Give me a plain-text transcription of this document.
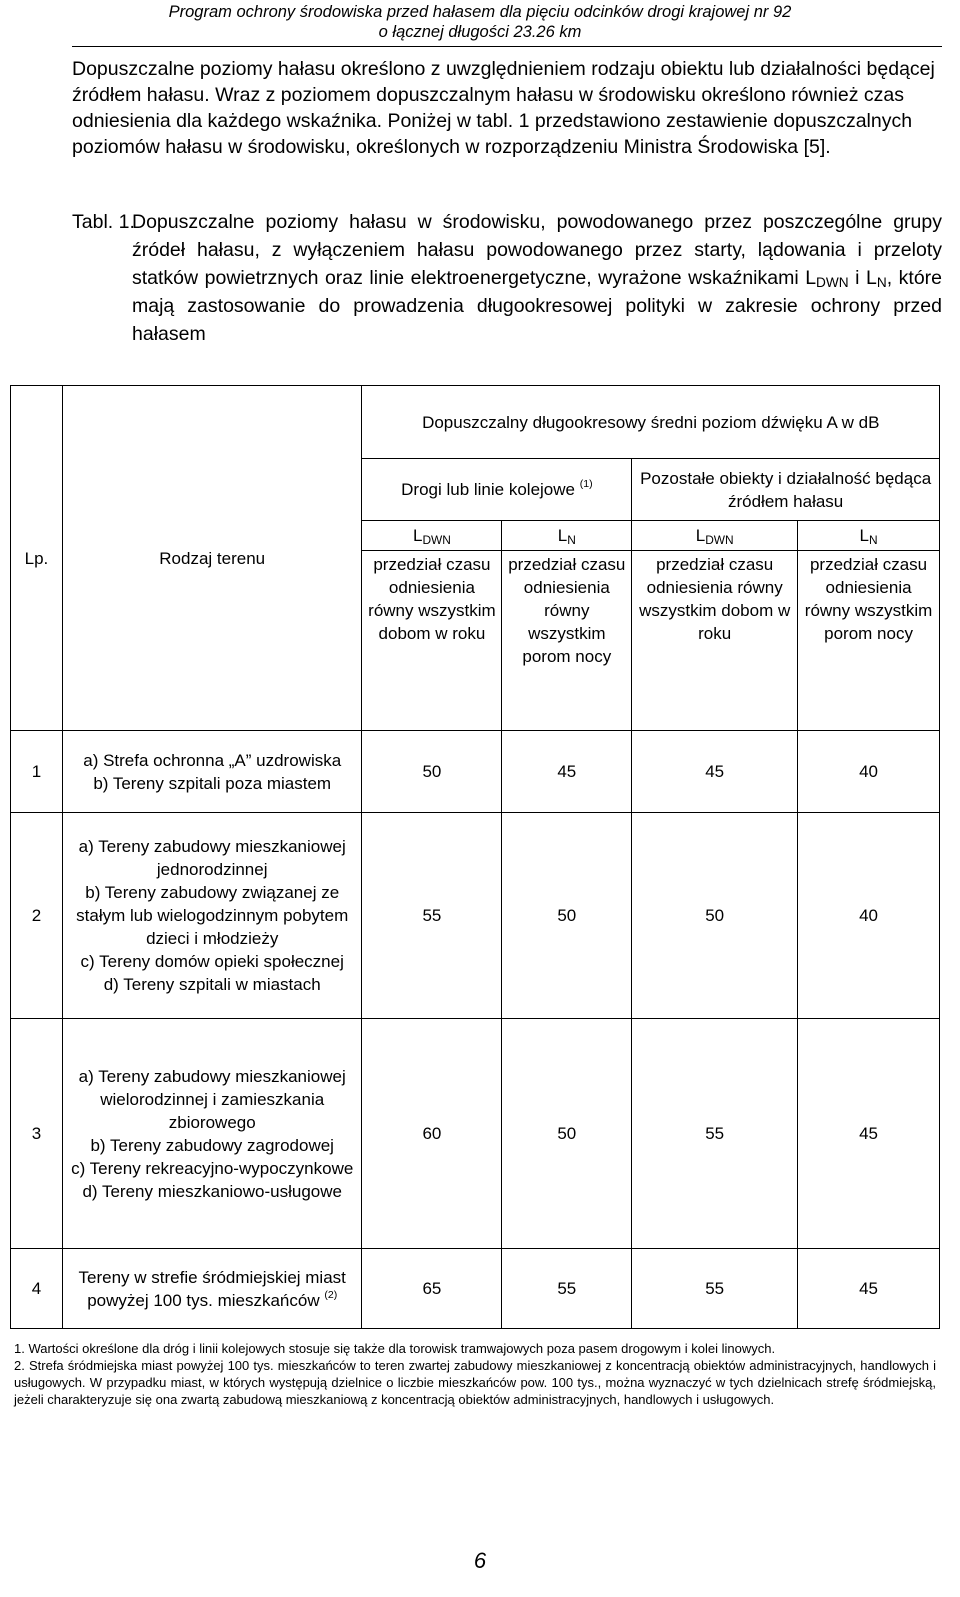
Program ochrony środowiska przed hałasem dla pięciu odcinków drogi krajowej nr 92
o łącznej długości 23.26 km

Dopuszczalne poziomy hałasu określono z uwzględnieniem rodzaju obiektu lub działalności będącej źródłem hałasu. Wraz z poziomem dopuszczalnym hałasu w środowisku określono również czas odniesienia dla każdego wskaźnika. Poniżej w tabl. 1 przedstawiono zestawienie dopuszczalnych poziomów hałasu w środowisku, określonych w rozporządzeniu Ministra Środowiska [5].

Tabl. 1.
Dopuszczalne poziomy hałasu w środowisku, powodowanego przez poszczególne grupy źródeł hałasu, z wyłączeniem hałasu powodowanego przez starty, lądowania i przeloty statków powietrznych oraz linie elektroenergetyczne, wyrażone wskaźnikami $L_{DWN}$ i $L_N$, które mają zastosowanie do prowadzenia długookresowej polityki w zakresie ochrony przed hałasem
Lp.	Rodzaj terenu	Dopuszczalny długookresowy średni poziom dźwięku A w dB			
		Drogi lub linie kolejowe $^{(1)}$		Pozostałe obiekty i działalność będąca źródłem hałasu	
		$L_{DWN}$	$L_N$	$L_{DWN}$	$L_N$
		przedział czasu odniesienia równy wszystkim dobom w roku	przedział czasu odniesienia równy wszystkim porom nocy	przedział czasu odniesienia równy wszystkim dobom w roku	przedział czasu odniesienia równy wszystkim porom nocy
1	a) Strefa ochronna „A” uzdrowiska
b) Tereny szpitali poza miastem	50	45	45	40
2	a) Tereny zabudowy mieszkaniowej jednorodzinnej
b) Tereny zabudowy związanej ze stałym lub wielogodzinnym pobytem dzieci i młodzieży
c) Tereny domów opieki społecznej
d) Tereny szpitali w miastach	55	50	50	40
3	a) Tereny zabudowy mieszkaniowej wielorodzinnej i zamieszkania zbiorowego
b) Tereny zabudowy zagrodowej
c) Tereny rekreacyjno-wypoczynkowe
d) Tereny mieszkaniowo-usługowe	60	50	55	45
4	Tereny w strefie śródmiejskiej miast powyżej 100 tys. mieszkańców $^{(2)}$	65	55	55	45

1. Wartości określone dla dróg i linii kolejowych stosuje się także dla torowisk tramwajowych poza pasem drogowym i kolei linowych.

2. Strefa śródmiejska miast powyżej 100 tys. mieszkańców to teren zwartej zabudowy mieszkaniowej z koncentracją obiektów administracyjnych, handlowych i usługowych. W przypadku miast, w których występują dzielnice o liczbie mieszkańców pow. 100 tys., można wyznaczyć w tych dzielnicach strefę śródmiejską, jeżeli charakteryzuje się ona zwartą zabudową mieszkaniową z koncentracją obiektów administracyjnych, handlowych i usługowych.

6
